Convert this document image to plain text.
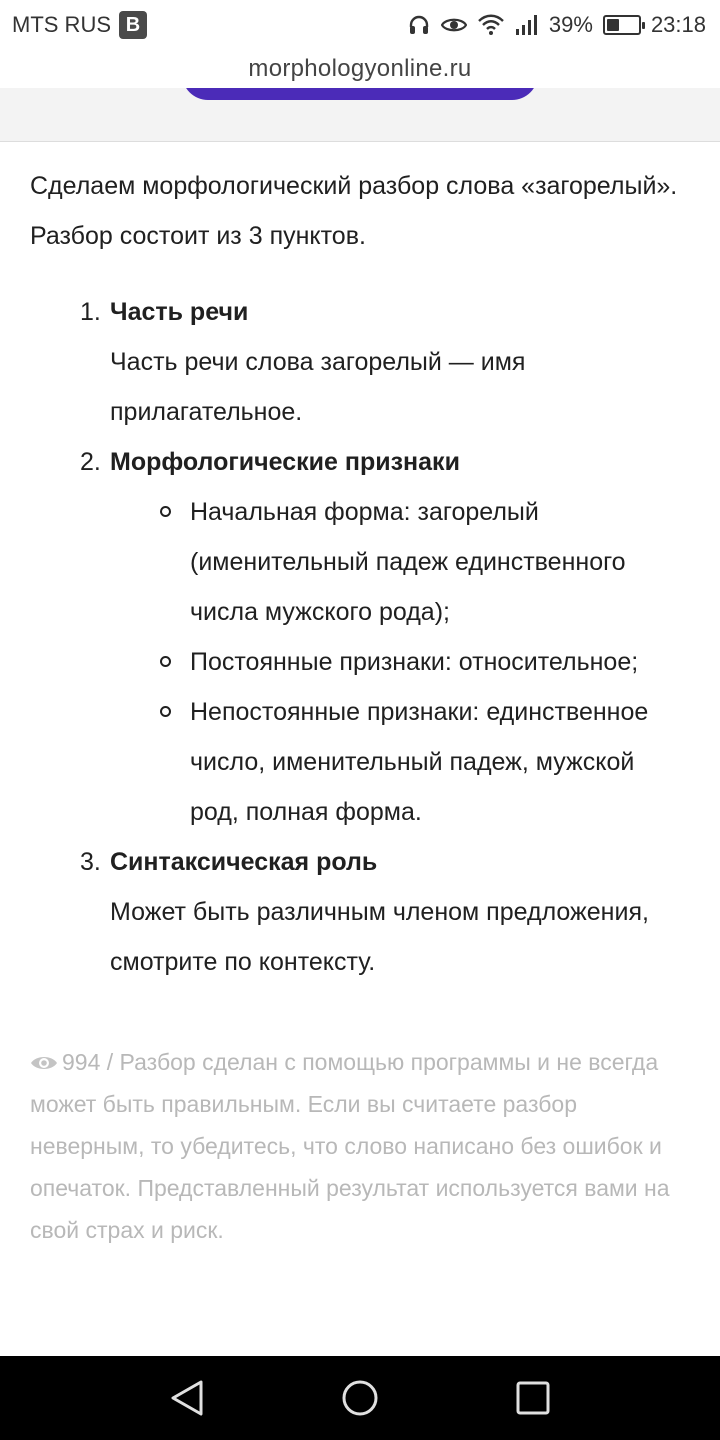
MTS RUS B	39%	23:18
morphologyonline.ru

Сделаем морфологический разбор слова «загорелый». Разбор состоит из 3 пунктов.

1. Часть речи
Часть речи слова загорелый — имя прилагательное.
2. Морфологические признаки
Начальная форма: загорелый (именительный падеж единственного числа мужского рода);
Постоянные признаки: относительное;
Непостоянные признаки: единственное число, именительный падеж, мужской род, полная форма.
3. Синтаксическая роль
Может быть различным членом предложения, смотрите по контексту.

994 / Разбор сделан с помощью программы и не всегда может быть правильным. Если вы считаете разбор неверным, то убедитесь, что слово написано без ошибок и опечаток. Представленный результат используется вами на свой страх и риск.
